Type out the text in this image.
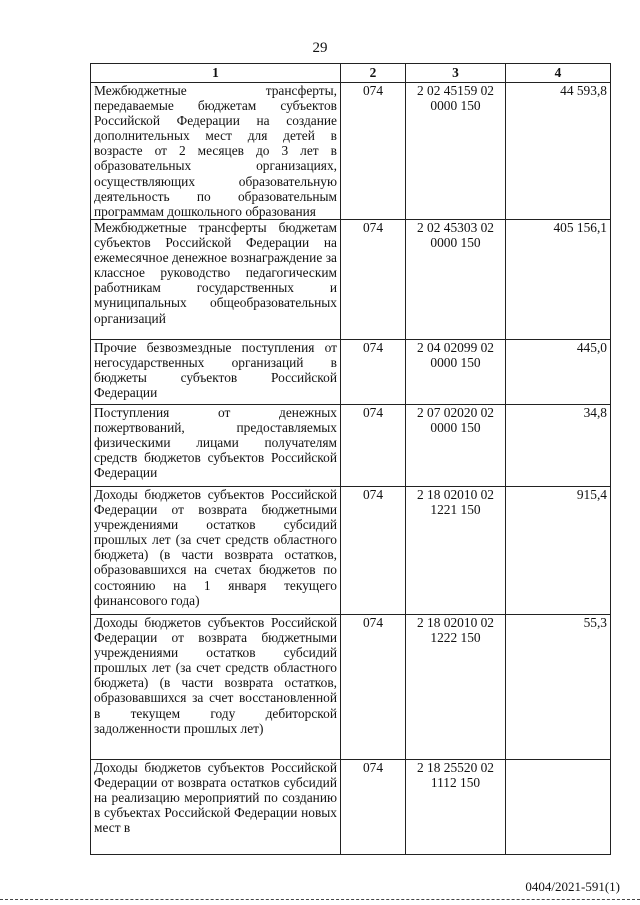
29
1	2	3	4
Межбюджетные трансферты, передаваемые бюджетам субъектов Российской Федерации на создание дополнительных мест для детей в возрасте от 2 месяцев до 3 лет в образовательных организациях, осуществляющих образовательную деятельность по образовательным программам дошкольного образования	074	2 02 45159 02 0000 150	44 593,8
Межбюджетные трансферты бюджетам субъектов Российской Федерации на ежемесячное денежное вознаграждение за классное руководство педагогическим работникам государственных и муниципальных общеобразовательных организаций	074	2 02 45303 02 0000 150	405 156,1
Прочие безвозмездные поступления от негосударственных организаций в бюджеты субъектов Российской Федерации	074	2 04 02099 02 0000 150	445,0
Поступления от денежных пожертвований, предоставляемых физическими лицами получателям средств бюджетов субъектов Российской Федерации	074	2 07 02020 02 0000 150	34,8
Доходы бюджетов субъектов Российской Федерации от возврата бюджетными учреждениями остатков субсидий прошлых лет (за счет средств областного бюджета) (в части возврата остатков, образовавшихся на счетах бюджетов по состоянию на 1 января текущего финансового года)	074	2 18 02010 02 1221 150	915,4
Доходы бюджетов субъектов Российской Федерации от возврата бюджетными учреждениями остатков субсидий прошлых лет (за счет средств областного бюджета) (в части возврата остатков, образовавшихся за счет восстановленной в текущем году дебиторской задолженности прошлых лет)	074	2 18 02010 02 1222 150	55,3
Доходы бюджетов субъектов Российской Федерации от возврата остатков субсидий на реализацию мероприятий по созданию в субъектах Российской Федерации новых мест в	074	2 18 25520 02 1112 150	
0404/2021-591(1)
